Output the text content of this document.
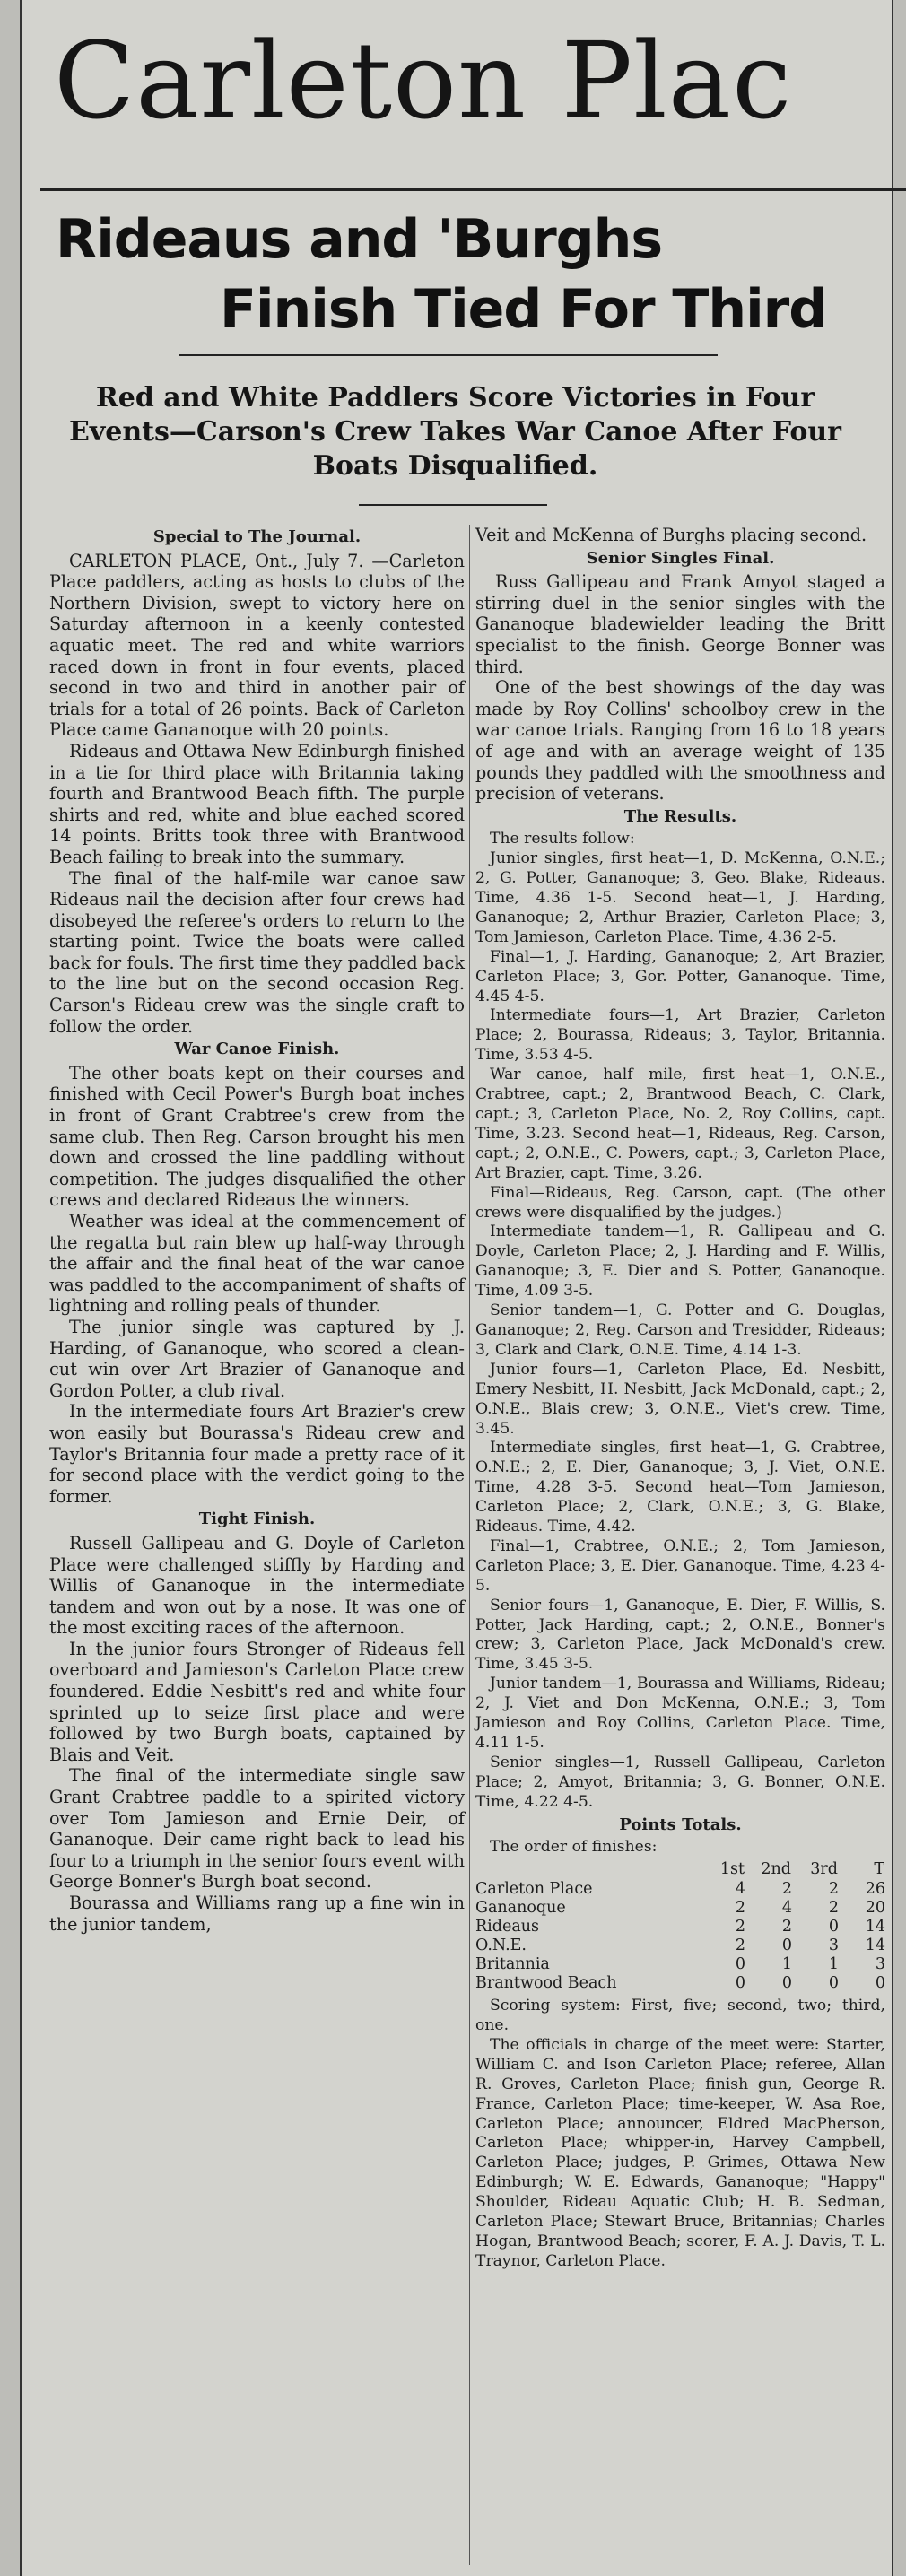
Carleton Plac
Rideaus and 'Burghs
Finish Tied For Third
Red and White Paddlers Score Victories in Four Events—Carson's Crew Takes War Canoe After Four Boats Disqualified.
Special to The Journal.

CARLETON PLACE, Ont., July 7. —Carleton Place paddlers, acting as hosts to clubs of the Northern Division, swept to victory here on Saturday afternoon in a keenly contested aquatic meet. The red and white warriors raced down in front in four events, placed second in two and third in another pair of trials for a total of 26 points. Back of Carleton Place came Gananoque with 20 points.

Rideaus and Ottawa New Edinburgh finished in a tie for third place with Britannia taking fourth and Brantwood Beach fifth. The purple shirts and red, white and blue eached scored 14 points. Britts took three with Brantwood Beach failing to break into the summary.

The final of the half-mile war canoe saw Rideaus nail the decision after four crews had disobeyed the referee's orders to return to the starting point. Twice the boats were called back for fouls. The first time they paddled back to the line but on the second occasion Reg. Carson's Rideau crew was the single craft to follow the order.

War Canoe Finish.

The other boats kept on their courses and finished with Cecil Power's Burgh boat inches in front of Grant Crabtree's crew from the same club. Then Reg. Carson brought his men down and crossed the line paddling without competition. The judges disqualified the other crews and declared Rideaus the winners.

Weather was ideal at the commencement of the regatta but rain blew up half-way through the affair and the final heat of the war canoe was paddled to the accompaniment of shafts of lightning and rolling peals of thunder.

The junior single was captured by J. Harding, of Gananoque, who scored a clean-cut win over Art Brazier of Gananoque and Gordon Potter, a club rival.

In the intermediate fours Art Brazier's crew won easily but Bourassa's Rideau crew and Taylor's Britannia four made a pretty race of it for second place with the verdict going to the former.

Tight Finish.

Russell Gallipeau and G. Doyle of Carleton Place were challenged stiffly by Harding and Willis of Gananoque in the intermediate tandem and won out by a nose. It was one of the most exciting races of the afternoon.

In the junior fours Stronger of Rideaus fell overboard and Jamieson's Carleton Place crew foundered. Eddie Nesbitt's red and white four sprinted up to seize first place and were followed by two Burgh boats, captained by Blais and Veit.

The final of the intermediate single saw Grant Crabtree paddle to a spirited victory over Tom Jamieson and Ernie Deir, of Gananoque. Deir came right back to lead his four to a triumph in the senior fours event with George Bonner's Burgh boat second.

Bourassa and Williams rang up a fine win in the junior tandem,

Veit and McKenna of Burghs placing second.

Senior Singles Final.

Russ Gallipeau and Frank Amyot staged a stirring duel in the senior singles with the Gananoque bladewielder leading the Britt specialist to the finish. George Bonner was third.

One of the best showings of the day was made by Roy Collins' schoolboy crew in the war canoe trials. Ranging from 16 to 18 years of age and with an average weight of 135 pounds they paddled with the smoothness and precision of veterans.

The Results.

The results follow:

Junior singles, first heat—1, D. McKenna, O.N.E.; 2, G. Potter, Gananoque; 3, Geo. Blake, Rideaus. Time, 4.36 1-5. Second heat—1, J. Harding, Gananoque; 2, Arthur Brazier, Carleton Place; 3, Tom Jamieson, Carleton Place. Time, 4.36 2-5.

Final—1, J. Harding, Gananoque; 2, Art Brazier, Carleton Place; 3, Gor. Potter, Gananoque. Time, 4.45 4-5.

Intermediate fours—1, Art Brazier, Carleton Place; 2, Bourassa, Rideaus; 3, Taylor, Britannia. Time, 3.53 4-5.

War canoe, half mile, first heat—1, O.N.E., Crabtree, capt.; 2, Brantwood Beach, C. Clark, capt.; 3, Carleton Place, No. 2, Roy Collins, capt. Time, 3.23. Second heat—1, Rideaus, Reg. Carson, capt.; 2, O.N.E., C. Powers, capt.; 3, Carleton Place, Art Brazier, capt. Time, 3.26.

Final—Rideaus, Reg. Carson, capt. (The other crews were disqualified by the judges.)

Intermediate tandem—1, R. Gallipeau and G. Doyle, Carleton Place; 2, J. Harding and F. Willis, Gananoque; 3, E. Dier and S. Potter, Gananoque. Time, 4.09 3-5.

Senior tandem—1, G. Potter and G. Douglas, Gananoque; 2, Reg. Carson and Tresidder, Rideaus; 3, Clark and Clark, O.N.E. Time, 4.14 1-3.

Junior fours—1, Carleton Place, Ed. Nesbitt, Emery Nesbitt, H. Nesbitt, Jack McDonald, capt.; 2, O.N.E., Blais crew; 3, O.N.E., Viet's crew. Time, 3.45.

Intermediate singles, first heat—1, G. Crabtree, O.N.E.; 2, E. Dier, Gananoque; 3, J. Viet, O.N.E. Time, 4.28 3-5. Second heat—Tom Jamieson, Carleton Place; 2, Clark, O.N.E.; 3, G. Blake, Rideaus. Time, 4.42.

Final—1, Crabtree, O.N.E.; 2, Tom Jamieson, Carleton Place; 3, E. Dier, Gananoque. Time, 4.23 4-5.

Senior fours—1, Gananoque, E. Dier, F. Willis, S. Potter, Jack Harding, capt.; 2, O.N.E., Bonner's crew; 3, Carleton Place, Jack McDonald's crew. Time, 3.45 3-5.

Junior tandem—1, Bourassa and Williams, Rideau; 2, J. Viet and Don McKenna, O.N.E.; 3, Tom Jamieson and Roy Collins, Carleton Place. Time, 4.11 1-5.

Senior singles—1, Russell Gallipeau, Carleton Place; 2, Amyot, Britannia; 3, G. Bonner, O.N.E. Time, 4.22 4-5.

Points Totals.

The order of finishes:

	1st	2nd	3rd	T
Carleton Place	4	2	2	26
Gananoque	2	4	2	20
Rideaus	2	2	0	14
O.N.E.	2	0	3	14
Britannia	0	1	1	3
Brantwood Beach	0	0	0	0

Scoring system: First, five; second, two; third, one.

The officials in charge of the meet were: Starter, William C. and Ison Carleton Place; referee, Allan R. Groves, Carleton Place; finish gun, George R. France, Carleton Place; time-keeper, W. Asa Roe, Carleton Place; announcer, Eldred MacPherson, Carleton Place; whipper-in, Harvey Campbell, Carleton Place; judges, P. Grimes, Ottawa New Edinburgh; W. E. Edwards, Gananoque; "Happy" Shoulder, Rideau Aquatic Club; H. B. Sedman, Carleton Place; Stewart Bruce, Britannias; Charles Hogan, Brantwood Beach; scorer, F. A. J. Davis, T. L. Traynor, Carleton Place.
